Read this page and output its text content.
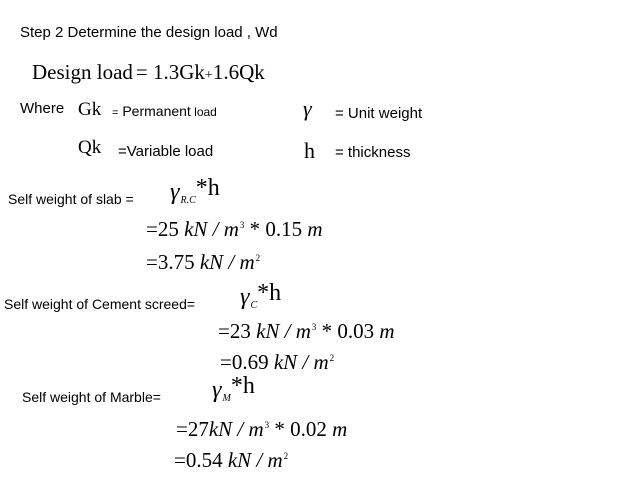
Step 2 Determine the design load , Wd
Design load = 1.3Gk+1.6Qk
Where Gk = Permanent load	γ = Unit weight
Qk =Variable load	h = thickness
Self weight of slab = γR.C*h
=25 kN / $m^3 * 0.15$ m
=3.75 kN / $m^2$
Self weight of Cement screed= γC*h
=23 kN / $m^3 * 0.03$ m
=0.69 kN / $m^2$
Self weight of Marble= γM*h
$=27kN / m^3 * 0.02$ m
=0.54 kN / $m^2$
